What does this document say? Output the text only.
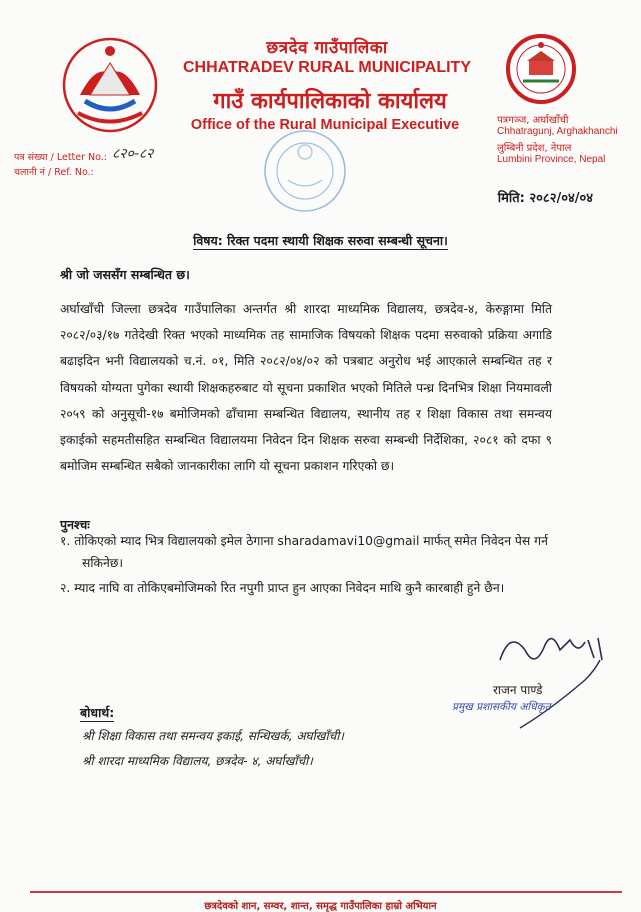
छत्रदेव गाउँपालिका
CHHATRADEV RURAL MUNICIPALITY
गाउँ कार्यपालिकाको कार्यालय
Office of the Rural Municipal Executive	पत्रगञ्ज, अर्घाखाँची
Chhatragunj, Arghakhanchi
लुम्बिनी प्रदेश, नेपाल
Lumbini Province, Nepal
पत्र संख्या / Letter No.: ८२०-८२
चलानी नं / Ref. No.:
मिति: २०८२/०४/०४
विषय: रिक्त पदमा स्थायी शिक्षक सरुवा सम्बन्धी सूचना।
श्री जो जससँग सम्बन्धित छ।
अर्घाखाँची जिल्ला छत्रदेव गाउँपालिका अन्तर्गत श्री शारदा माध्यमिक विद्यालय, छत्रदेव-४, केरुङ्गामा मिति २०८२/०३/१७ गतेदेखी रिक्त भएको माध्यमिक तह सामाजिक विषयको शिक्षक पदमा सरुवाको प्रक्रिया अगाडि बढाइदिन भनी विद्यालयको च.नं. ०१, मिति २०८२/०४/०२ को पत्रबाट अनुरोध भई आएकाले सम्बन्धित तह र विषयको योग्यता पुगेका स्थायी शिक्षकहरुबाट यो सूचना प्रकाशित भएको मितिले पन्ध्र दिनभित्र शिक्षा नियमावली २०५९ को अनुसूची-१७ बमोजिमको ढाँचामा सम्बन्धित विद्यालय, स्थानीय तह र शिक्षा विकास तथा समन्वय इकाईको सहमतीसहित सम्बन्धित विद्यालयमा निवेदन दिन शिक्षक सरुवा सम्बन्धी निर्देशिका, २०८१ को दफा ९ बमोजिम सम्बन्धित सबैको जानकारीका लागि यो सूचना प्रकाशन गरिएको छ।
पुनश्चः
१. तोकिएको म्याद भित्र विद्यालयको इमेल ठेगाना sharadamavi10@gmail मार्फत् समेत निवेदन पेस गर्न सकिनेछ।
२. म्याद नाघि वा तोकिएबमोजिमको रित नपुगी प्राप्त हुन आएका निवेदन माथि कुनै कारबाही हुने छैन।
राजन पाण्डे
प्रमुख प्रशासकीय अधिकृत
बोधार्थ:
श्री शिक्षा विकास तथा समन्वय इकाई, सन्धिखर्क, अर्घाखाँची।
श्री शारदा माध्यमिक विद्यालय, छत्रदेव- ४, अर्घाखाँची।
छत्रदेवको शान, सम्वर, शान्त, समृद्ध गाउँपालिका हाम्रो अभियान
